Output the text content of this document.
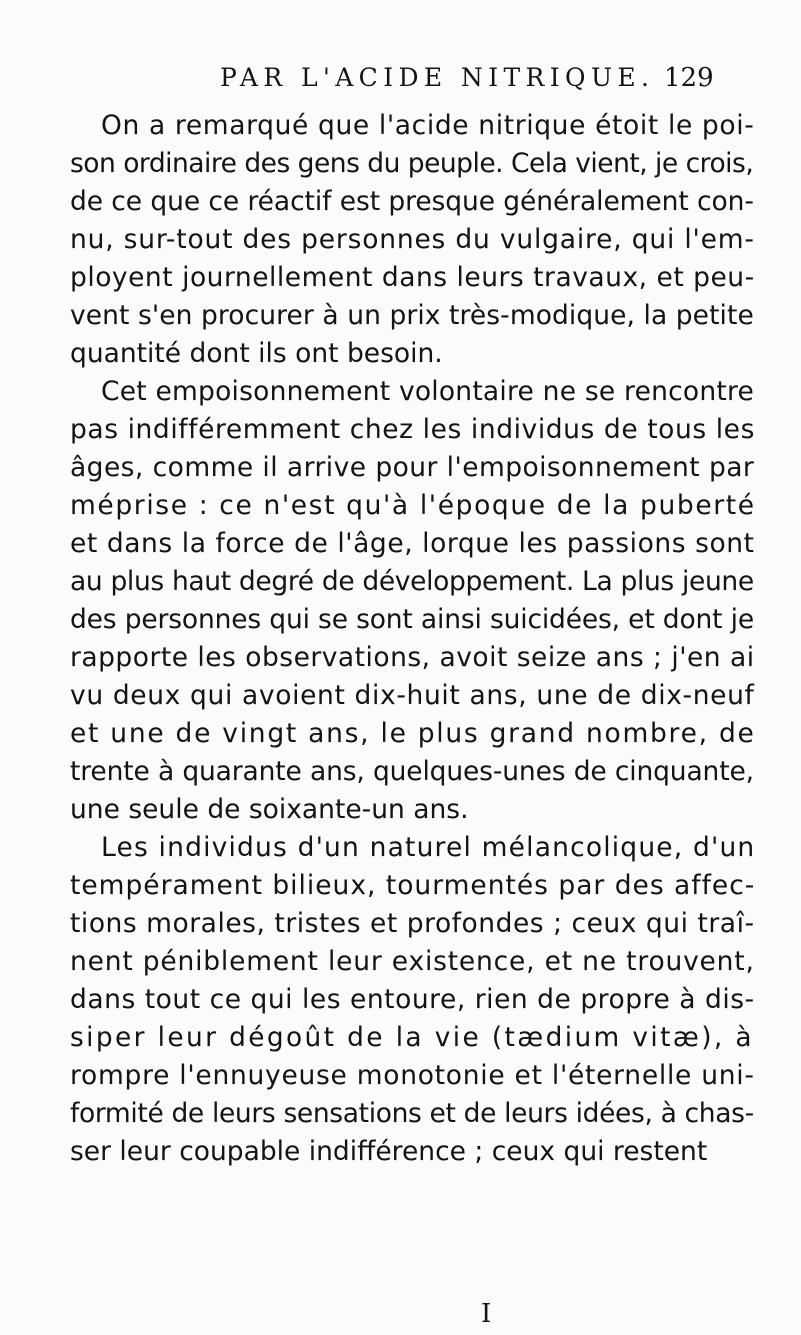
PAR L'ACIDE NITRIQUE. 129
On a remarqué que l'acide nitrique étoit le poi-
son ordinaire des gens du peuple. Cela vient, je crois,
de ce que ce réactif est presque généralement con-
nu, sur-tout des personnes du vulgaire, qui l'em-
ployent journellement dans leurs travaux, et peu-
vent s'en procurer à un prix très-modique, la petite
quantité dont ils ont besoin.
Cet empoisonnement volontaire ne se rencontre
pas indifféremment chez les individus de tous les
âges, comme il arrive pour l'empoisonnement par
méprise : ce n'est qu'à l'époque de la puberté
et dans la force de l'âge, lorque les passions sont
au plus haut degré de développement. La plus jeune
des personnes qui se sont ainsi suicidées, et dont je
rapporte les observations, avoit seize ans ; j'en ai
vu deux qui avoient dix-huit ans, une de dix-neuf
et une de vingt ans, le plus grand nombre, de
trente à quarante ans, quelques-unes de cinquante,
une seule de soixante-un ans.
Les individus d'un naturel mélancolique, d'un
tempérament bilieux, tourmentés par des affec-
tions morales, tristes et profondes ; ceux qui traî-
nent péniblement leur existence, et ne trouvent,
dans tout ce qui les entoure, rien de propre à dis-
siper leur dégoût de la vie (tædium vitæ), à
rompre l'ennuyeuse monotonie et l'éternelle uni-
formité de leurs sensations et de leurs idées, à chas-
ser leur coupable indifférence ; ceux qui restent
I
